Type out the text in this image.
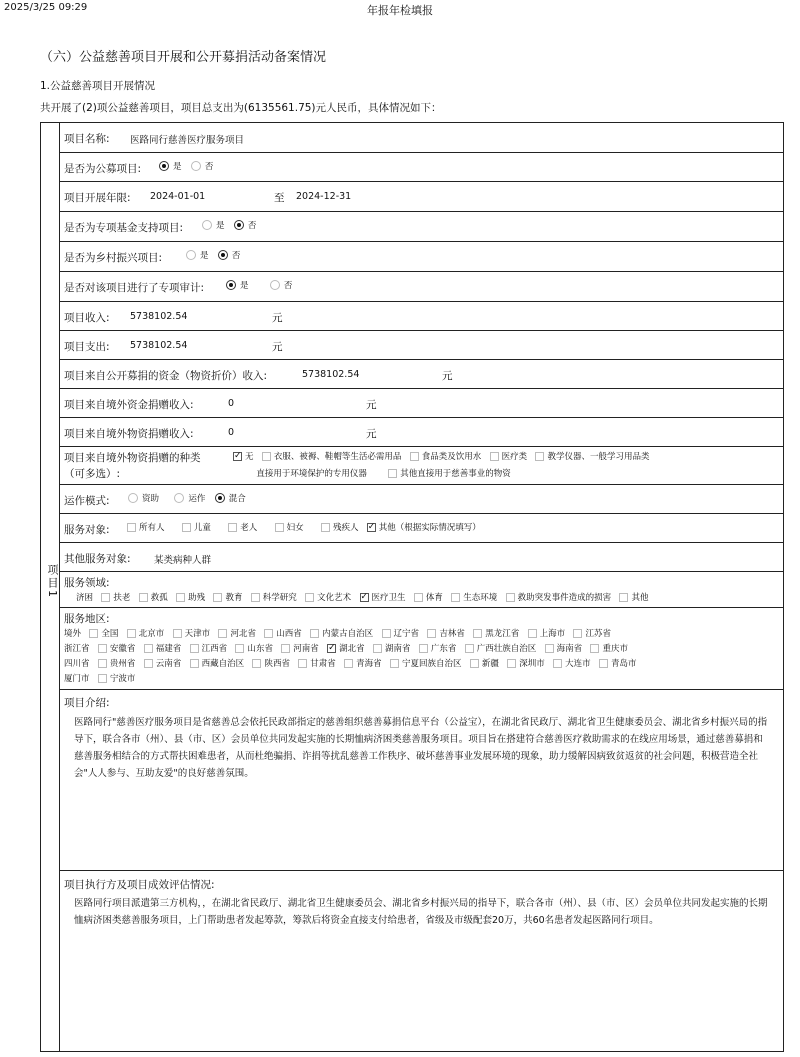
2025/3/25 09:29	年报年检填报
（六）公益慈善项目开展和公开募捐活动备案情况
1.公益慈善项目开展情况
共开展了(2)项公益慈善项目，项目总支出为(6135561.75)元人民币，具体情况如下：
项目1
项目名称: 医路同行慈善医疗服务项目
是否为公募项目:	是	否
项目开展年限: 2024-01-01	至 2024-12-31
是否为专项基金支持项目:	是	否
是否为乡村振兴项目:	是	否
是否对该项目进行了专项审计:	是	否
项目收入: 5738102.54	元
项目支出: 5738102.54	元
项目来自公开募捐的资金（物资折价）收入:	5738102.54	元
项目来自境外资金捐赠收入:	0	元
项目来自境外物资捐赠收入:	0	元
项目来自境外物资捐赠的种类
（可多选）:
✓无 衣服、被褥、鞋帽等生活必需用品 食品类及饮用水 医疗类 教学仪器、一般学习用品类
直接用于环境保护的专用仪器	其他直接用于慈善事业的物资
运作模式:	资助	运作	混合
服务对象:	所有人	儿童	老人	妇女	残疾人 ✓ 其他（根据实际情况填写）
其他服务对象: 某类病种人群
服务领域:
济困 扶老 救孤 助残 教育 科学研究 文化艺术 ✓ 医疗卫生 体育 生态环境 救助突发事件造成的损害 其他
服务地区:
境外 全国 北京市 天津市 河北省 山西省 内蒙古自治区 辽宁省 吉林省 黑龙江省 上海市 江苏省
浙江省 安徽省 福建省 江西省 山东省 河南省 ✓ 湖北省 湖南省 广东省 广西壮族自治区 海南省 重庆市
四川省 贵州省 云南省 西藏自治区 陕西省 甘肃省 青海省 宁夏回族自治区 新疆 深圳市 大连市 青岛市
厦门市 宁波市
项目介绍:
医路同行"慈善医疗服务项目是省慈善总会依托民政部指定的慈善组织慈善募捐信息平台（公益宝），在湖北省民政厅、湖北省卫生健康委员会、湖北省乡村振兴局的指导下，联合各市（州）、县（市、区）会员单位共同发起实施的长期恤病济困类慈善服务项目。项目旨在搭建符合慈善医疗救助需求的在线应用场景，通过慈善募捐和慈善服务相结合的方式帮扶困难患者，从而杜绝骗捐、诈捐等扰乱慈善工作秩序、破坏慈善事业发展环境的现象，助力缓解因病致贫返贫的社会问题，积极营造全社会"人人参与、互助友爱"的良好慈善氛围。
项目执行方及项目成效评估情况:
医路同行项目派遣第三方机构，，在湖北省民政厅、湖北省卫生健康委员会、湖北省乡村振兴局的指导下，联合各市（州）、县（市、区）会员单位共同发起实施的长期恤病济困类慈善服务项目，上门帮助患者发起筹款，筹款后将资金直接支付给患者，省级及市级配套20万，共60名患者发起医路同行项目。
